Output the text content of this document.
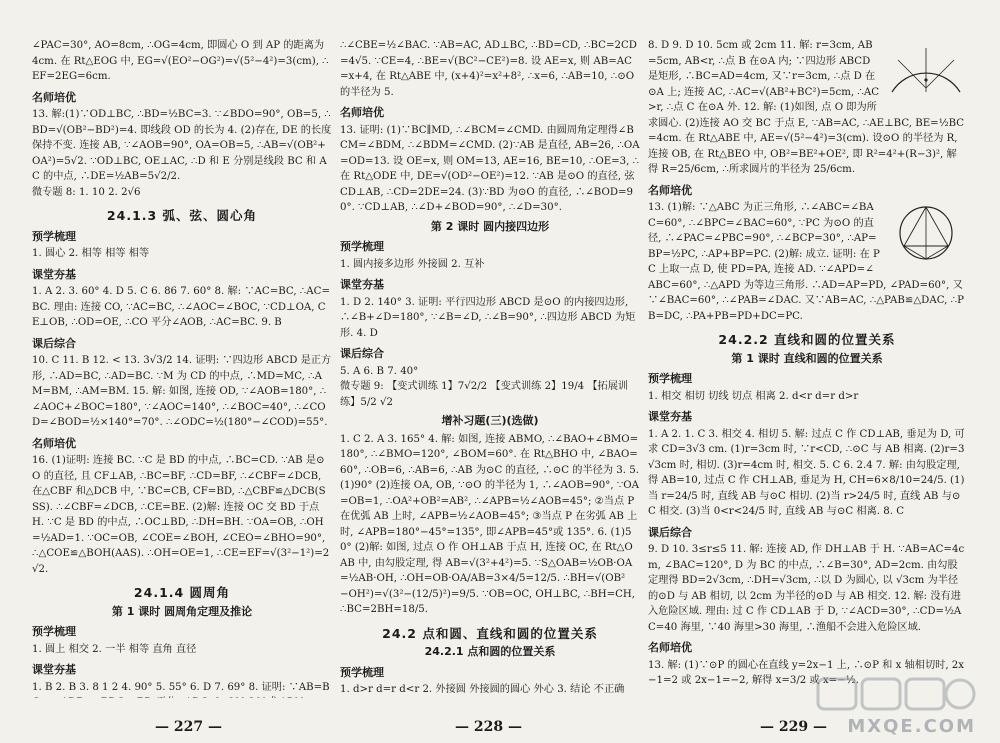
∠PAC=30°, AO=8cm, ∴OG=4cm, 即圆心 O 到 AP 的距离为 4cm. 在 Rt△EOG 中, EG=√(EO²−OG²)=√(5²−4²)=3(cm), ∴EF=2EG=6cm.

名师培优

13. 解:(1)∵OD⊥BC, ∴BD=½BC=3. ∵∠BDO=90°, OB=5, ∴BD=√(OB²−BD²)=4. 即线段 OD 的长为 4. (2)存在, DE 的长度保持不变. 连接 AB, ∵∠AOB=90°, OA=OB=5, ∴AB=√(OB²+OA²)=5√2. ∵OD⊥BC, OE⊥AC, ∴D 和 E 分别是线段 BC 和 AC 的中点, ∴DE=½AB=5√2/2.

微专题 8: 1. 10 2. 2√6

24.1.3 弧、弦、圆心角
预学梳理

1. 圆心 2. 相等 相等 相等

课堂夯基

1. A 2. 3. 60° 4. D 5. C 6. 86 7. 60° 8. 解: ∵AC=BC, ∴AC=BC. 理由: 连接 CO, ∵AC=BC, ∴∠AOC=∠BOC, ∵CD⊥OA, CE⊥OB, ∴OD=OE, ∴CO 平分∠AOB, ∴AC=BC. 9. B

课后综合

10. C 11. B 12. < 13. 3√3/2 14. 证明: ∵四边形 ABCD 是正方形, ∴AD=BC, ∴AD=BC. ∵M 为 CD 的中点, ∴MD=MC, ∴AM=BM, ∴AM=BM. 15. 解: 如图, 连接 OD, ∵∠AOB=180°, ∴∠AOC+∠BOC=180°, ∵∠AOC=140°, ∴∠BOC=40°, ∴∠COD=∠BOD=½×140°=70°. ∴∠ODC=½(180°−∠COD)=55°.

名师培优

16. (1)证明: 连接 BC. ∵C 是 BD 的中点, ∴BC=CD. ∵AB 是⊙O 的直径, 且 CF⊥AB, ∴BC=BF, ∴CD=BF, ∴∠CBF=∠DCB, 在△CBF 和△DCB 中, ∵BC=CB, CF=BD, ∴△CBF≌△DCB(SSS). ∴∠CBF=∠DCB, ∴CE=BE. (2)解: 连接 OC 交 BD 于点 H. ∵C 是 BD 的中点, ∴OC⊥BD, ∴DH=BH. ∵OA=OB, ∴OH=½AD=1. ∵OC=OB, ∠COE=∠BOH, ∠CEO=∠BHO=90°, ∴△COE≌△BOH(AAS). ∴OH=OE=1, ∴CE=EF=√(3²−1²)=2√2.

24.1.4 圆周角
第 1 课时 圆周角定理及推论
预学梳理

1. 圆上 相交 2. 一半 相等 直角 直径

课堂夯基

1. B 2. B 3. 8 1 2 4. 90° 5. 55° 6. D 7. 69° 8. 证明: ∵AB=B

∴∠CBE=½∠BAC. ∵AB=AC, AD⊥BC, ∴BD=CD, ∴BC=2CD=4√5. ∵CE=4, ∴BE=√(BC²−CE²)=8. 设 AE=x, 则 AB=AC=x+4, 在 Rt△ABE 中, (x+4)²=x²+8², ∴x=6, ∴AB=10, ∴⊙O 的半径为 5.

名师培优

13. 证明: (1)∵BC∥MD, ∴∠BCM=∠CMD. 由圆周角定理得∠BCM=∠BDM, ∴∠BDM=∠CMD. (2)∵AB 是直径, AB=26, ∴OA=OD=13. 设 OE=x, 则 OM=13, AE=16, BE=10, ∴OE=3, ∴在 Rt△ODE 中, DE=√(OD²−OE²)=12. ∵AB 是⊙O 的直径, 弦 CD⊥AB, ∴CD=2DE=24. (3)∵BD 为⊙O 的直径, ∴∠BOD=90°. ∵CD⊥AB, ∴∠D+∠BOD=90°, ∴∠D=30°.

第 2 课时 圆内接四边形
预学梳理

1. 圆内接多边形 外接圆 2. 互补

课堂夯基

1. D 2. 140° 3. 证明: 平行四边形 ABCD 是⊙O 的内接四边形, ∴∠B+∠D=180°, ∵∠B=∠D, ∴∠B=90°, ∴四边形 ABCD 为矩形. 4. D

课后综合

5. A 6. B 7. 40°

微专题 9: 【变式训练 1】7√2/2 【变式训练 2】19/4 【拓展训练】5/2 √2

增补习题(三)(选做)

1. C 2. A 3. 165° 4. 解: 如图, 连接 ABMO, ∴∠BAO+∠BMO=180°, ∴∠BMO=120°, ∠BOM=60°. 在 Rt△BHO 中, ∠BAO=60°, ∴OB=6, ∴AB=6, ∴AB 为⊙C 的直径, ∴⊙C 的半径为 3. 5. (1)90° (2)连接 OA, OB, ∵⊙O 的半径为 1, ∴∠AOB=90°, ∵OA=OB=1, ∴OA²+OB²=AB², ∴∠APB=½∠AOB=45°; ②当点 P 在优弧 AB 上时, ∠APB=½∠AOB=45°; ③当点 P 在劣弧 AB 上时, ∠APB=180°−45°=135°, 即∠APB=45°或 135°. 6. (1)50° (2)解: 如图, 过点 O 作 OH⊥AB 于点 H, 连接 OC, 在 Rt△OAB 中, 由勾股定理, 得 AB=√(3²+4²)=5. ∵S△OAB=½OB·OA=½AB·OH, ∴OH=OB·OA/AB=3×4/5=12/5. ∴BH=√(OB²−OH²)=√(3²−(12/5)²)=9/5. ∵OB=OC, OH⊥BC, ∴BH=CH, ∴BC=2BH=18/5.

24.2 点和圆、直线和圆的位置关系
24.2.1 点和圆的位置关系
预学梳理

1. d>r d=r d<r 2. 外接圆 外接圆的圆心 外心 3. 结论 不正确

8. D 9. D 10. 5cm 或 2cm 11. 解: r=3cm, AB=5cm, AB<r, ∴点 B 在⊙A 内; ∵四边形 ABCD 是矩形, ∴BC=AD=4cm, 又∵r=3cm, ∴点 D 在⊙A 上; 连接 AC, ∴AC=√(AB²+BC²)=5cm, ∴AC>r, ∴点 C 在⊙A 外. 12. 解: (1)如图, 点 O 即为所求圆心. (2)连接 AO 交 BC 于点 E, ∵AB=AC, ∴AE⊥BC, BE=½BC=4cm. 在 Rt△ABE 中, AE=√(5²−4²)=3(cm). 设⊙O 的半径为 R, 连接 OB, 在 Rt△BEO 中, OB²=BE²+OE², 即 R²=4²+(R−3)², 解得 R=25/6cm, ∴所求圆片的半径为 25/6cm.

名师培优

13. (1)解: ∵△ABC 为正三角形, ∴∠ABC=∠BAC=60°, ∴∠BPC=∠BAC=60°, ∵PC 为⊙O 的直径, ∴∠PAC=∠PBC=90°, ∴∠BCP=30°, ∴AP=BP=½PC, ∴AP+BP=PC. (2)解: 成立. 证明: 在 PC 上取一点 D, 使 PD=PA, 连接 AD. ∵∠APD=∠ABC=60°, ∴△APD 为等边三角形. ∴AD=AP=PD, ∠PAD=60°, 又∵∠BAC=60°, ∴∠PAB=∠DAC. 又∵AB=AC, ∴△PAB≌△DAC, ∴PB=DC, ∴PA+PB=PD+DC=PC.

24.2.2 直线和圆的位置关系
第 1 课时 直线和圆的位置关系
预学梳理

1. 相交 相切 切线 切点 相离 2. d<r d=r d>r

课堂夯基

1. A 2. 1. C 3. 相交 4. 相切 5. 解: 过点 C 作 CD⊥AB, 垂足为 D, 可求 CD=3√3 cm. (1)r=3cm 时, ∵r<CD, ∴⊙C 与 AB 相离. (2)r=3√3cm 时, 相切. (3)r=4cm 时, 相交. 5. C 6. 2.4 7. 解: 由勾股定理, 得 AB=10, 过点 C 作 CH⊥AB, 垂足为 H, CH=6×8/10=24/5. (1)当 r=24/5 时, 直线 AB 与⊙C 相切. (2)当 r>24/5 时, 直线 AB 与⊙C 相交. (3)当 0<r<24/5 时, 直线 AB 与⊙C 相离. 8. C

课后综合

9. D 10. 3≤r≤5 11. 解: 连接 AD, 作 DH⊥AB 于 H. ∵AB=AC=4cm, ∠BAC=120°, D 为 BC 的中点, ∴∠B=30°, AD=2cm. 由勾股定理得 BD=2√3cm, ∴DH=√3cm, ∴以 D 为圆心, 以 √3cm 为半径的⊙D 与 AB 相切, 以 2cm 为半径的⊙D 与 AB 相交. 12. 解: 没有进入危险区域. 理由: 过 C 作 CD⊥AB 于 D, ∵∠ACD=30°, ∴CD=½AC=40 海里, ∵40 海里>30 海里, ∴渔船不会进入危险区域.

名师培优

13. 解: (1)∵⊙P 的圆心在直线 y=2x−1 上, ∴⊙P 和 x 轴相切时, 2x−1=2 或 2x−1=−2, 解得 x=3/2 或 x=−½.

— 227 —	— 228 —	— 229 — MXQE.COM
